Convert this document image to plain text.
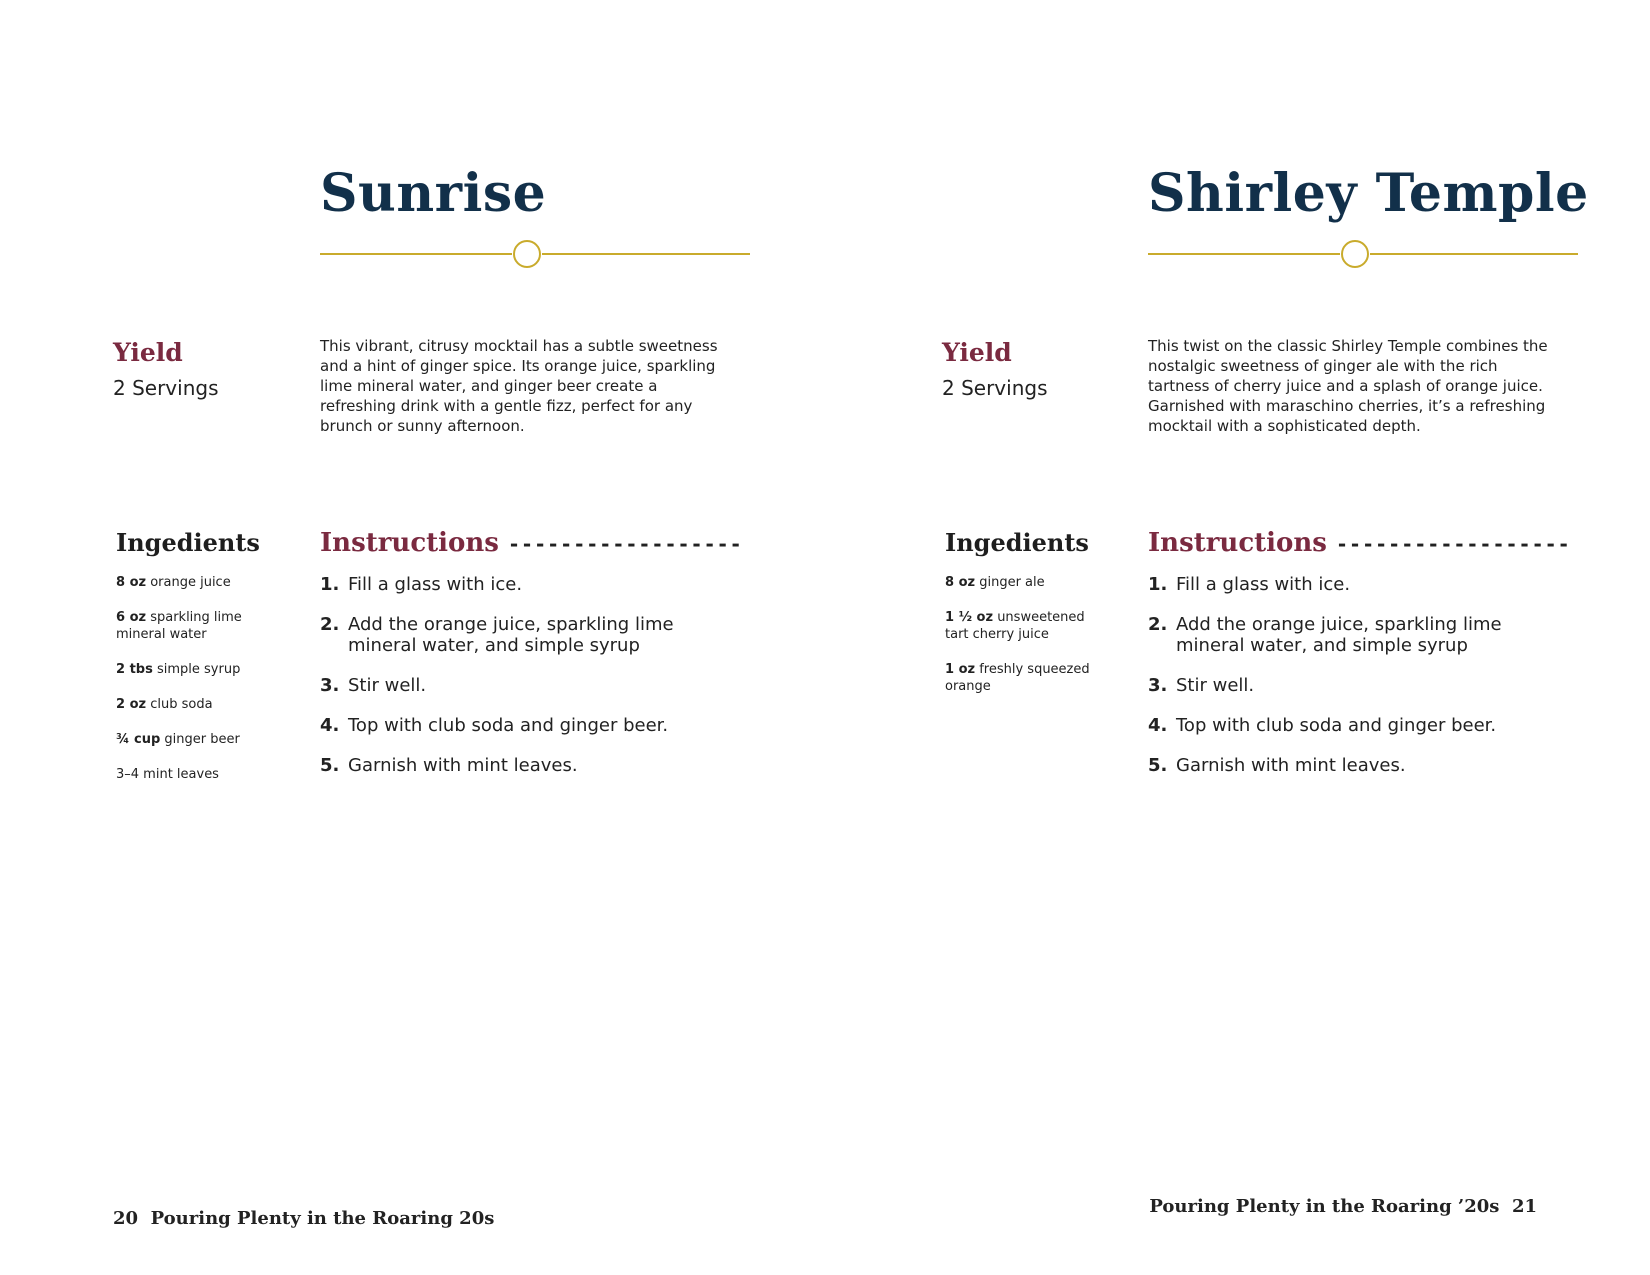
Sunrise
Yield
2 Servings

This vibrant, citrusy mocktail has a subtle sweetness and a hint of ginger spice. Its orange juice, sparkling lime mineral water, and ginger beer create a refreshing drink with a gentle fizz, perfect for any brunch or sunny afternoon.

Ingedients
8 oz orange juice
6 oz sparkling lime mineral water
2 tbs simple syrup
2 oz club soda
¾ cup ginger beer
3–4 mint leaves
Instructions ------------------
1. Fill a glass with ice.
2. Add the orange juice, sparkling lime mineral water, and simple syrup
3. Stir well.
4. Top with club soda and ginger beer.
5. Garnish with mint leaves.
20 Pouring Plenty in the Roaring 20s
Shirley Temple
Yield
2 Servings

This twist on the classic Shirley Temple combines the nostalgic sweetness of ginger ale with the rich tartness of cherry juice and a splash of orange juice. Garnished with maraschino cherries, it’s a refreshing mocktail with a sophisticated depth.

Ingedients
8 oz ginger ale
1 ½ oz unsweetened tart cherry juice
1 oz freshly squeezed orange
Instructions ------------------
1. Fill a glass with ice.
2. Add the orange juice, sparkling lime mineral water, and simple syrup
3. Stir well.
4. Top with club soda and ginger beer.
5. Garnish with mint leaves.
Pouring Plenty in the Roaring ’20s 21
